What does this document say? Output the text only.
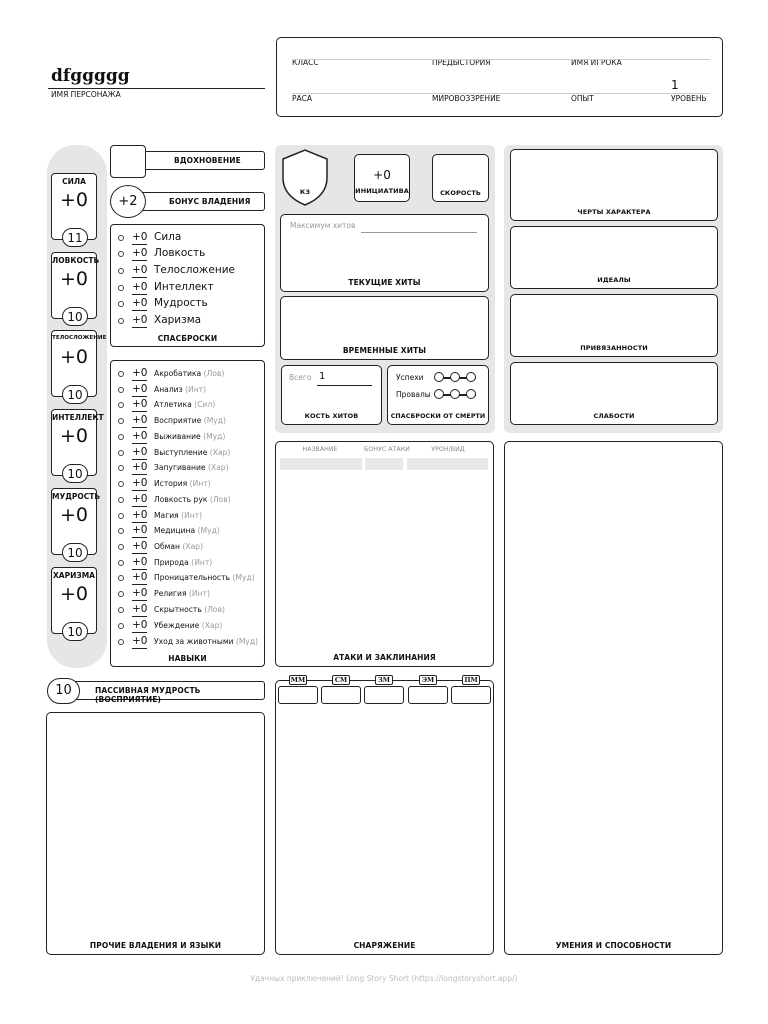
dfggggg
ИМЯ ПЕРСОНАЖА
КЛАСС	ПРЕДЫСТОРИЯ	ИМЯ ИГРОКА
1
РАСА	МИРОВОЗЗРЕНИЕ	ОПЫТ	УРОВЕНЬ
СИЛА
+0
11
ЛОВКОСТЬ
+0
10
ТЕЛОСЛОЖЕНИЕ
+0
10
ИНТЕЛЛЕКТ
+0
10
МУДРОСТЬ
+0
10
ХАРИЗМА
+0
10
ВДОХНОВЕНИЕ
БОНУС ВЛАДЕНИЯ
+2
СПАСБРОСКИ
+0 Сила
+0 Ловкость
+0 Телосложение
+0 Интеллект
+0 Мудрость
+0 Харизма
НАВЫКИ
+0 Акробатика (Лов)
+0 Анализ (Инт)
+0 Атлетика (Сил)
+0 Восприятие (Муд)
+0 Выживание (Муд)
+0 Выступление (Хар)
+0 Запугивание (Хар)
+0 История (Инт)
+0 Ловкость рук (Лов)
+0 Магия (Инт)
+0 Медицина (Муд)
+0 Обман (Хар)
+0 Природа (Инт)
+0 Проницательность (Муд)
+0 Религия (Инт)
+0 Скрытность (Лов)
+0 Убеждение (Хар)
+0 Уход за животными (Муд)
ПАССИВНАЯ МУДРОСТЬ (ВОСПРИЯТИЕ)
10
ПРОЧИЕ ВЛАДЕНИЯ И ЯЗЫКИ
КЗ
+0
ИНИЦИАТИВА	СКОРОСТЬ
Максимум хитов
ТЕКУЩИЕ ХИТЫ
ВРЕМЕННЫЕ ХИТЫ
Всего 1
КОСТЬ ХИТОВ
Успехи
Провалы
СПАСБРОСКИ ОТ СМЕРТИ
ЧЕРТЫ ХАРАКТЕРА
ИДЕАЛЫ
ПРИВЯЗАННОСТИ
СЛАБОСТИ
НАЗВАНИЕ	БОНУС АТАКИ	УРОН/ВИД
АТАКИ И ЗАКЛИНАНИЯ
СНАРЯЖЕНИЕ
ММ	СМ	ЗМ	ЭМ	ПМ
УМЕНИЯ И СПОСОБНОСТИ
Удачных приключений! Long Story Short (https://longstoryshort.app/)
